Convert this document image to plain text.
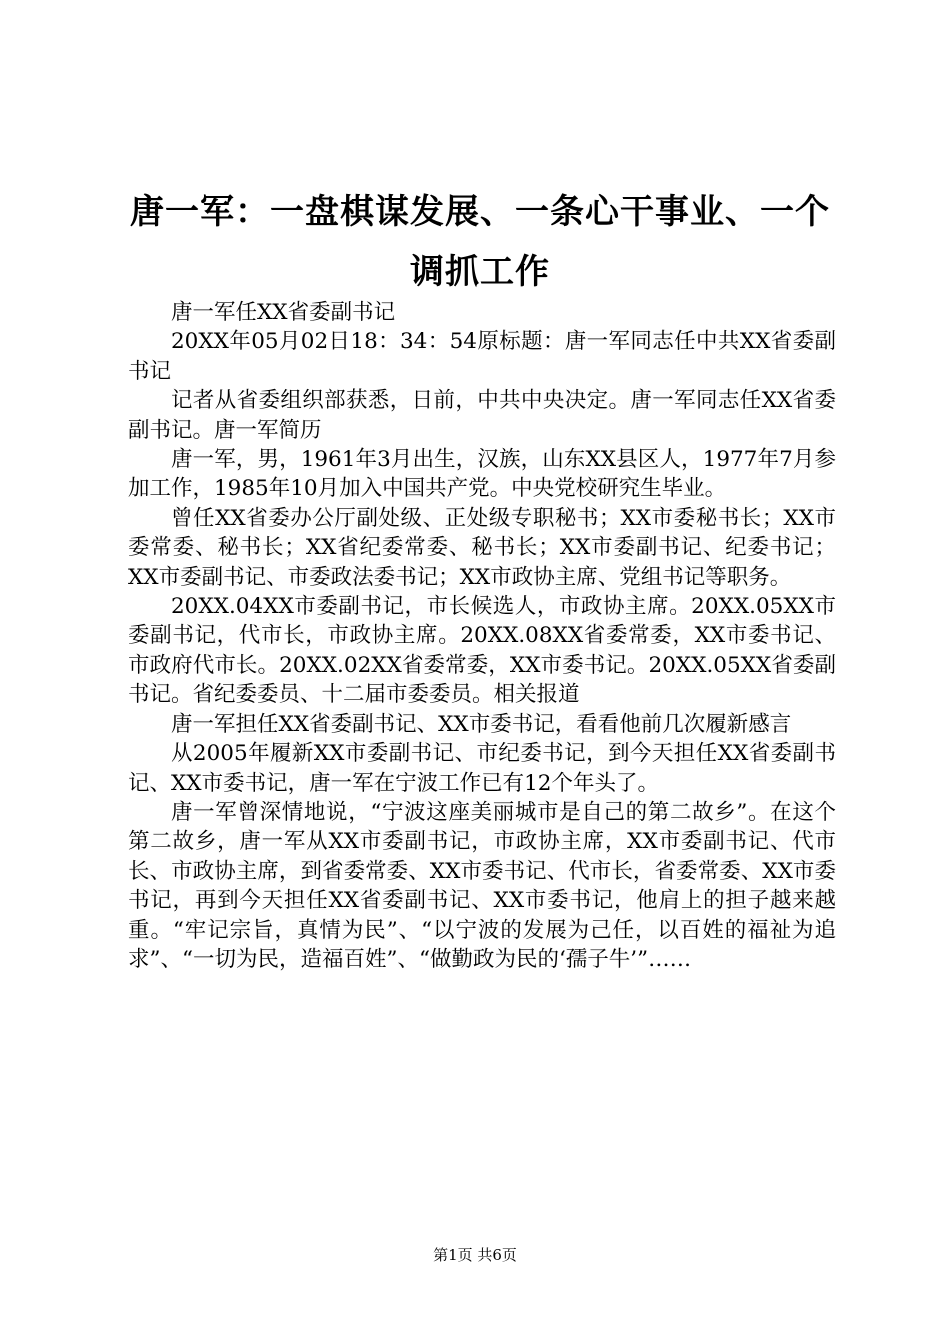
唐一军：一盘棋谋发展、一条心干事业、一个
调抓工作

唐一军任XX省委副书记

20XX年05月02日18：34：54原标题：唐一军同志任中共XX省委副书记

记者从省委组织部获悉，日前，中共中央决定。唐一军同志任XX省委副书记。唐一军简历

唐一军，男，1961年3月出生，汉族，山东XX县区人，1977年7月参加工作，1985年10月加入中国共产党。中央党校研究生毕业。

曾任XX省委办公厅副处级、正处级专职秘书；XX市委秘书长；XX市委常委、秘书长；XX省纪委常委、秘书长；XX市委副书记、纪委书记；XX市委副书记、市委政法委书记；XX市政协主席、党组书记等职务。

20XX.04XX市委副书记，市长候选人，市政协主席。20XX.05XX市委副书记，代市长，市政协主席。20XX.08XX省委常委，XX市委书记、市政府代市长。20XX.02XX省委常委，XX市委书记。20XX.05XX省委副书记。省纪委委员、十二届市委委员。相关报道

唐一军担任XX省委副书记、XX市委书记，看看他前几次履新感言

从2005年履新XX市委副书记、市纪委书记，到今天担任XX省委副书记、XX市委书记，唐一军在宁波工作已有12个年头了。

唐一军曾深情地说，“宁波这座美丽城市是自己的第二故乡”。在这个第二故乡，唐一军从XX市委副书记，市政协主席，XX市委副书记、代市长、市政协主席，到省委常委、XX市委书记、代市长，省委常委、XX市委书记，再到今天担任XX省委副书记、XX市委书记，他肩上的担子越来越重。“牢记宗旨，真情为民”、“以宁波的发展为己任，以百姓的福祉为追求”、“一切为民，造福百姓”、“做勤政为民的‘孺子牛’”……

第1页 共6页
